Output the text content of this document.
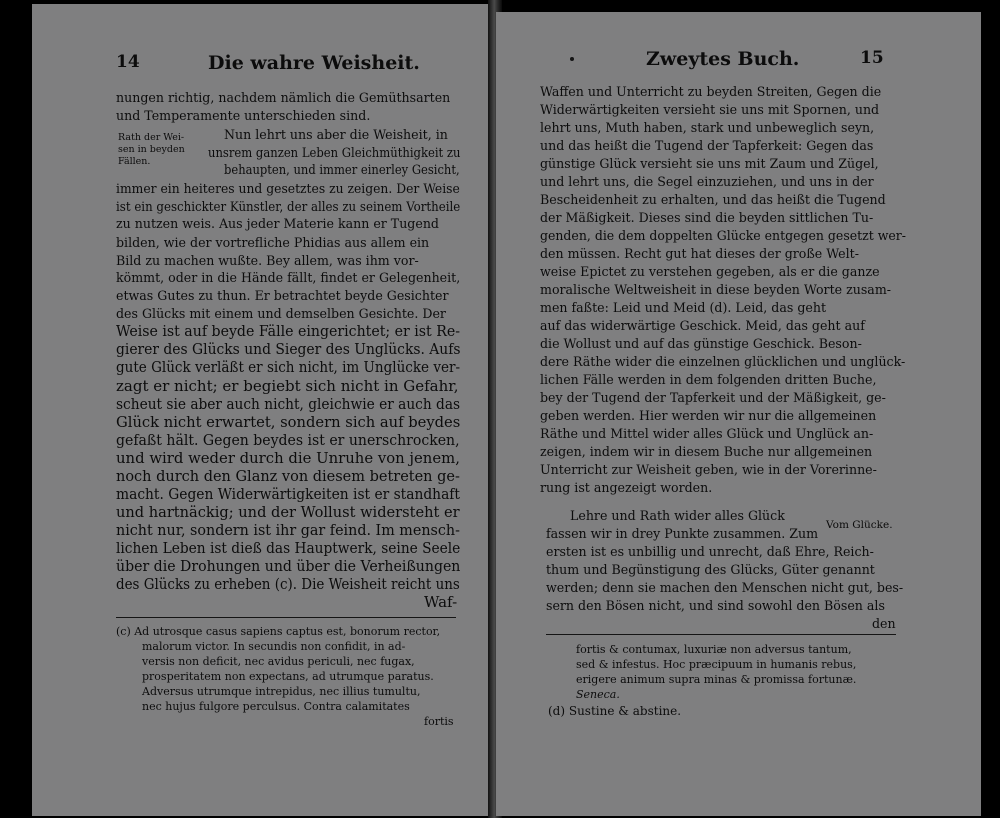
14	Die wahre Weisheit.
Rath der Wei-
sen in beyden
Fällen.
nungen richtig, nachdem nämlich die Gemüthsarten
und Temperamente unterschieden sind.
Nun lehrt uns aber die Weisheit, in
unsrem ganzen Leben Gleichmüthigkeit zu
behaupten, und immer einerley Gesicht,
immer ein heiteres und gesetztes zu zeigen. Der Weise
ist ein geschickter Künstler, der alles zu seinem Vortheile
zu nutzen weis. Aus jeder Materie kann er Tugend
bilden, wie der vortrefliche Phidias aus allem ein
Bild zu machen wußte. Bey allem, was ihm vor-
kömmt, oder in die Hände fällt, findet er Gelegenheit,
etwas Gutes zu thun. Er betrachtet beyde Gesichter
des Glücks mit einem und demselben Gesichte. Der
Weise ist auf beyde Fälle eingerichtet; er ist Re-
gierer des Glücks und Sieger des Unglücks. Aufs
gute Glück verläßt er sich nicht, im Unglücke ver-
zagt er nicht; er begiebt sich nicht in Gefahr,
scheut sie aber auch nicht, gleichwie er auch das
Glück nicht erwartet, sondern sich auf beydes
gefaßt hält. Gegen beydes ist er unerschrocken,
und wird weder durch die Unruhe von jenem,
noch durch den Glanz von diesem betreten ge-
macht. Gegen Widerwärtigkeiten ist er standhaft
und hartnäckig; und der Wollust widersteht er
nicht nur, sondern ist ihr gar feind. Im mensch-
lichen Leben ist dieß das Hauptwerk, seine Seele
über die Drohungen und über die Verheißungen
des Glücks zu erheben (c). Die Weisheit reicht uns
Waf-
(c) Ad utrosque casus sapiens captus est, bonorum rector,
malorum victor. In secundis non confidit, in ad-
versis non deficit, nec avidus periculi, nec fugax,
prosperitatem non expectans, ad utrumque paratus.
Adversus utrumque intrepidus, nec illius tumultu,
nec hujus fulgore perculsus. Contra calamitates
fortis
Zweytes Buch.	15
Waffen und Unterricht zu beyden Streiten, Gegen die
Widerwärtigkeiten versieht sie uns mit Spornen, und
lehrt uns, Muth haben, stark und unbeweglich seyn,
und das heißt die Tugend der Tapferkeit: Gegen das
günstige Glück versieht sie uns mit Zaum und Zügel,
und lehrt uns, die Segel einzuziehen, und uns in der
Bescheidenheit zu erhalten, und das heißt die Tugend
der Mäßigkeit. Dieses sind die beyden sittlichen Tu-
genden, die dem doppelten Glücke entgegen gesetzt wer-
den müssen. Recht gut hat dieses der große Welt-
weise Epictet zu verstehen gegeben, als er die ganze
moralische Weltweisheit in diese beyden Worte zusam-
men faßte: Leid und Meid (d). Leid, das geht
auf das widerwärtige Geschick. Meid, das geht auf
die Wollust und auf das günstige Geschick. Beson-
dere Räthe wider die einzelnen glücklichen und unglück-
lichen Fälle werden in dem folgenden dritten Buche,
bey der Tugend der Tapferkeit und der Mäßigkeit, ge-
geben werden. Hier werden wir nur die allgemeinen
Räthe und Mittel wider alles Glück und Unglück an-
zeigen, indem wir in diesem Buche nur allgemeinen
Unterricht zur Weisheit geben, wie in der Vorerinne-
rung ist angezeigt worden.
Vom Glücke.
Lehre und Rath wider alles Glück
fassen wir in drey Punkte zusammen. Zum
ersten ist es unbillig und unrecht, daß Ehre, Reich-
thum und Begünstigung des Glücks, Güter genannt
werden; denn sie machen den Menschen nicht gut, bes-
sern den Bösen nicht, und sind sowohl den Bösen als
den
fortis & contumax, luxuriæ non adversus tantum,
sed & infestus. Hoc præcipuum in humanis rebus,
erigere animum supra minas & promissa fortunæ.
Seneca.
(d) Sustine & abstine.
